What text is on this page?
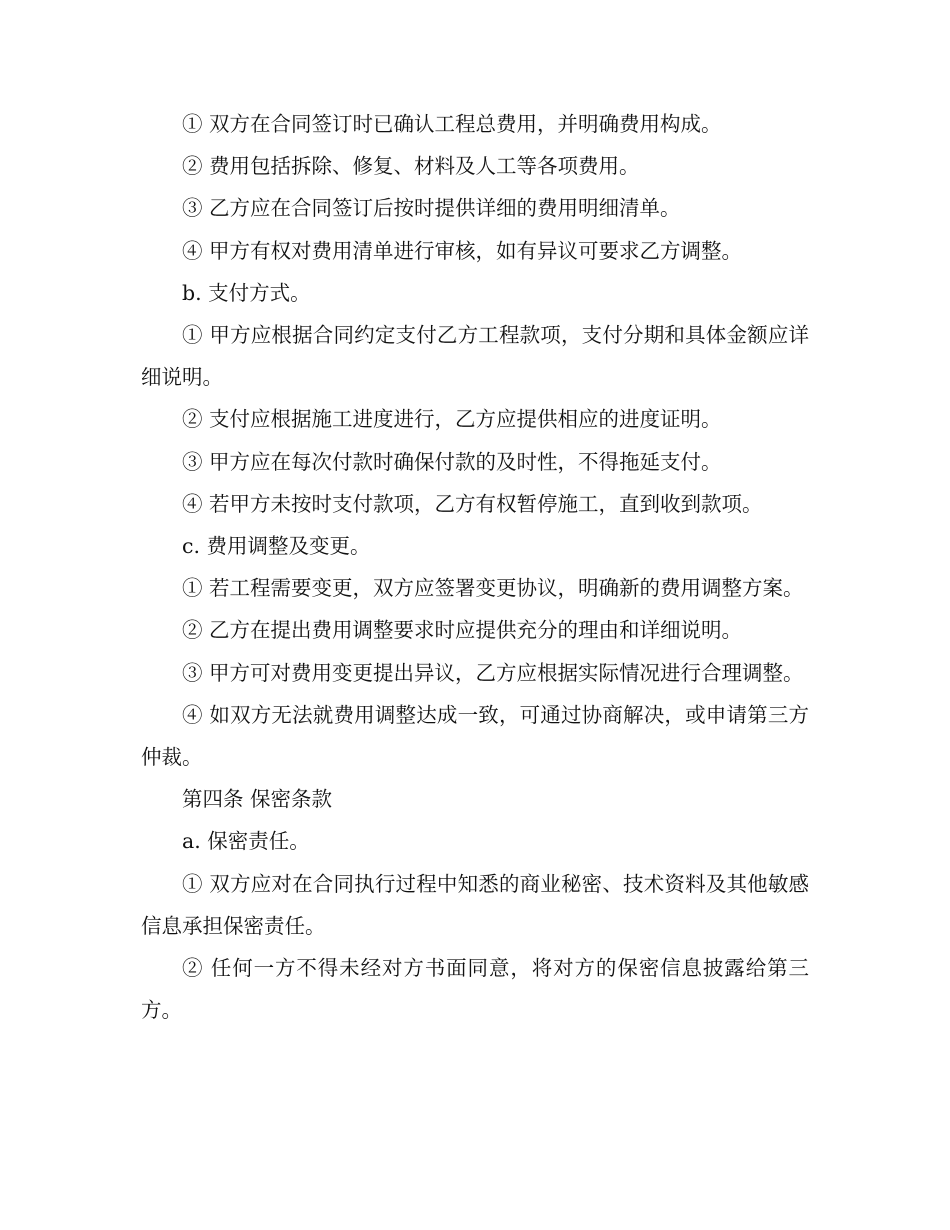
① 双方在合同签订时已确认工程总费用，并明确费用构成。

② 费用包括拆除、修复、材料及人工等各项费用。

③ 乙方应在合同签订后按时提供详细的费用明细清单。

④ 甲方有权对费用清单进行审核，如有异议可要求乙方调整。

b. 支付方式。

① 甲方应根据合同约定支付乙方工程款项，支付分期和具体金额应详细说明。

② 支付应根据施工进度进行，乙方应提供相应的进度证明。

③ 甲方应在每次付款时确保付款的及时性，不得拖延支付。

④ 若甲方未按时支付款项，乙方有权暂停施工，直到收到款项。

c. 费用调整及变更。

① 若工程需要变更，双方应签署变更协议，明确新的费用调整方案。

② 乙方在提出费用调整要求时应提供充分的理由和详细说明。

③ 甲方可对费用变更提出异议，乙方应根据实际情况进行合理调整。

④ 如双方无法就费用调整达成一致，可通过协商解决，或申请第三方仲裁。

第四条 保密条款

a. 保密责任。

① 双方应对在合同执行过程中知悉的商业秘密、技术资料及其他敏感信息承担保密责任。

② 任何一方不得未经对方书面同意，将对方的保密信息披露给第三方。
